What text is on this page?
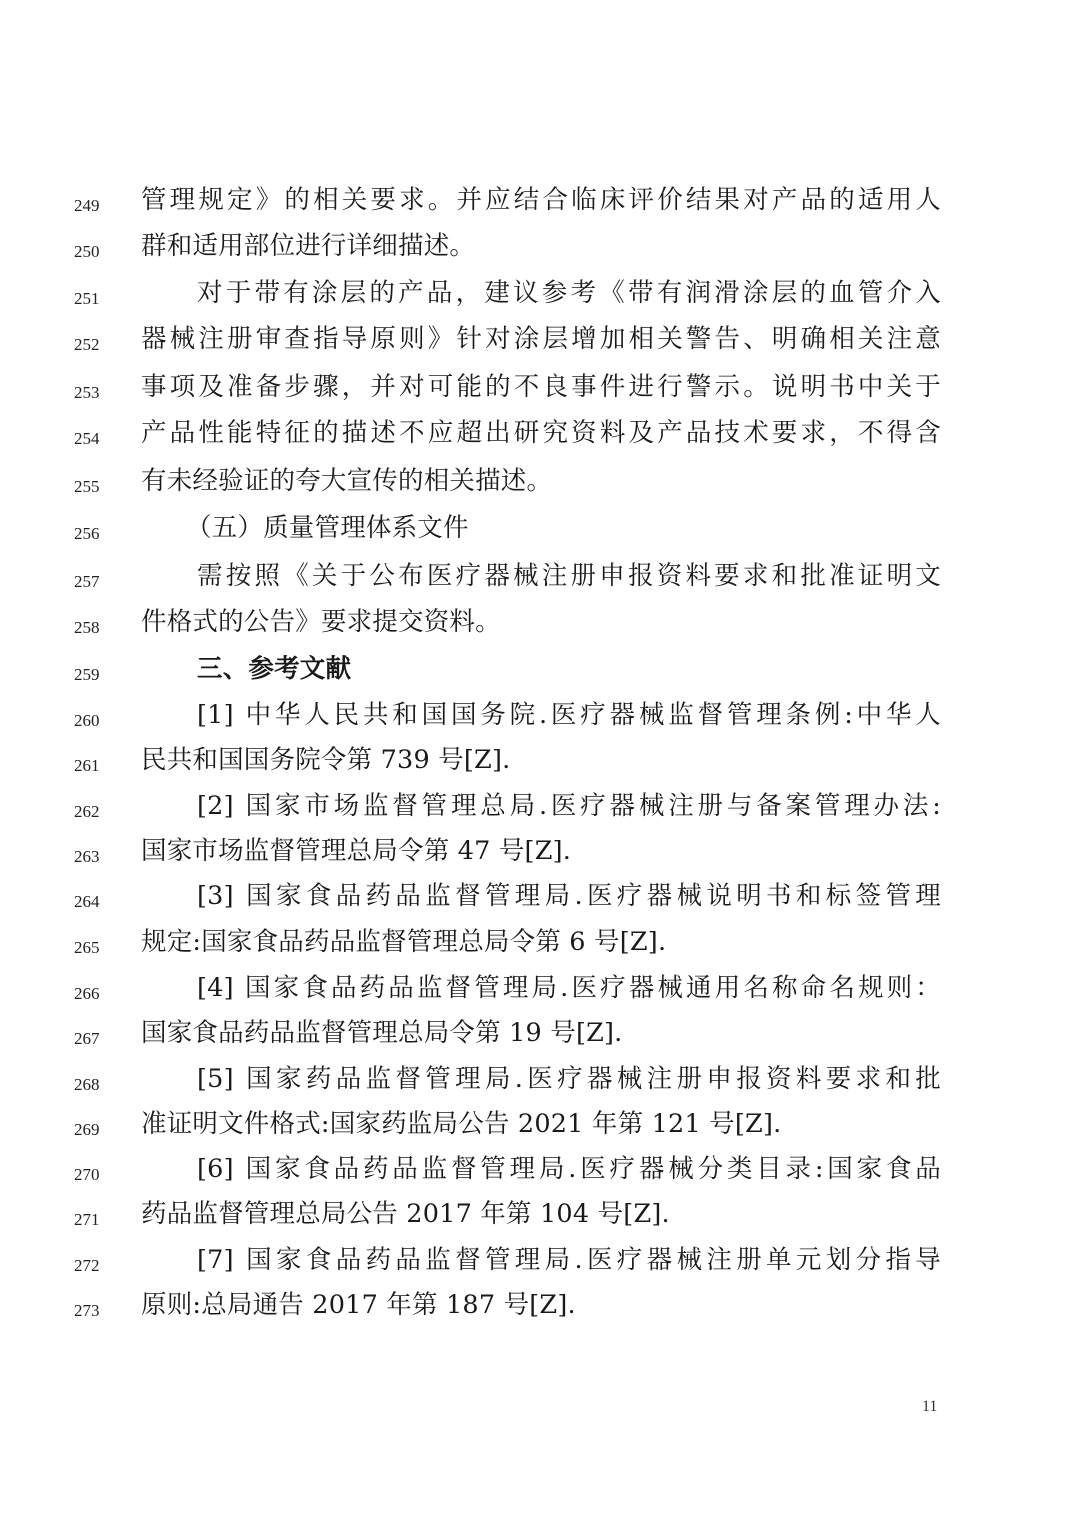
249	管理规定》的相关要求。并应结合临床评价结果对产品的适用人
250	群和适用部位进行详细描述。
251	对于带有涂层的产品，建议参考《带有润滑涂层的血管介入
252	器械注册审查指导原则》针对涂层增加相关警告、明确相关注意
253	事项及准备步骤，并对可能的不良事件进行警示。说明书中关于
254	产品性能特征的描述不应超出研究资料及产品技术要求，不得含
255	有未经验证的夸大宣传的相关描述。
256	（五）质量管理体系文件
257	需按照《关于公布医疗器械注册申报资料要求和批准证明文
258	件格式的公告》要求提交资料。
259	三、参考文献
260	[1] 中华人民共和国国务院.医疗器械监督管理条例:中华人
261	民共和国国务院令第 739 号[Z].
262	[2] 国家市场监督管理总局.医疗器械注册与备案管理办法:
263	国家市场监督管理总局令第 47 号[Z].
264	[3] 国家食品药品监督管理局.医疗器械说明书和标签管理
265	规定:国家食品药品监督管理总局令第 6 号[Z].
266	[4] 国家食品药品监督管理局.医疗器械通用名称命名规则：
267	国家食品药品监督管理总局令第 19 号[Z].
268	[5] 国家药品监督管理局.医疗器械注册申报资料要求和批
269	准证明文件格式:国家药监局公告 2021 年第 121 号[Z].
270	[6] 国家食品药品监督管理局.医疗器械分类目录:国家食品
271	药品监督管理总局公告 2017 年第 104 号[Z].
272	[7] 国家食品药品监督管理局.医疗器械注册单元划分指导
273	原则:总局通告 2017 年第 187 号[Z].
11
